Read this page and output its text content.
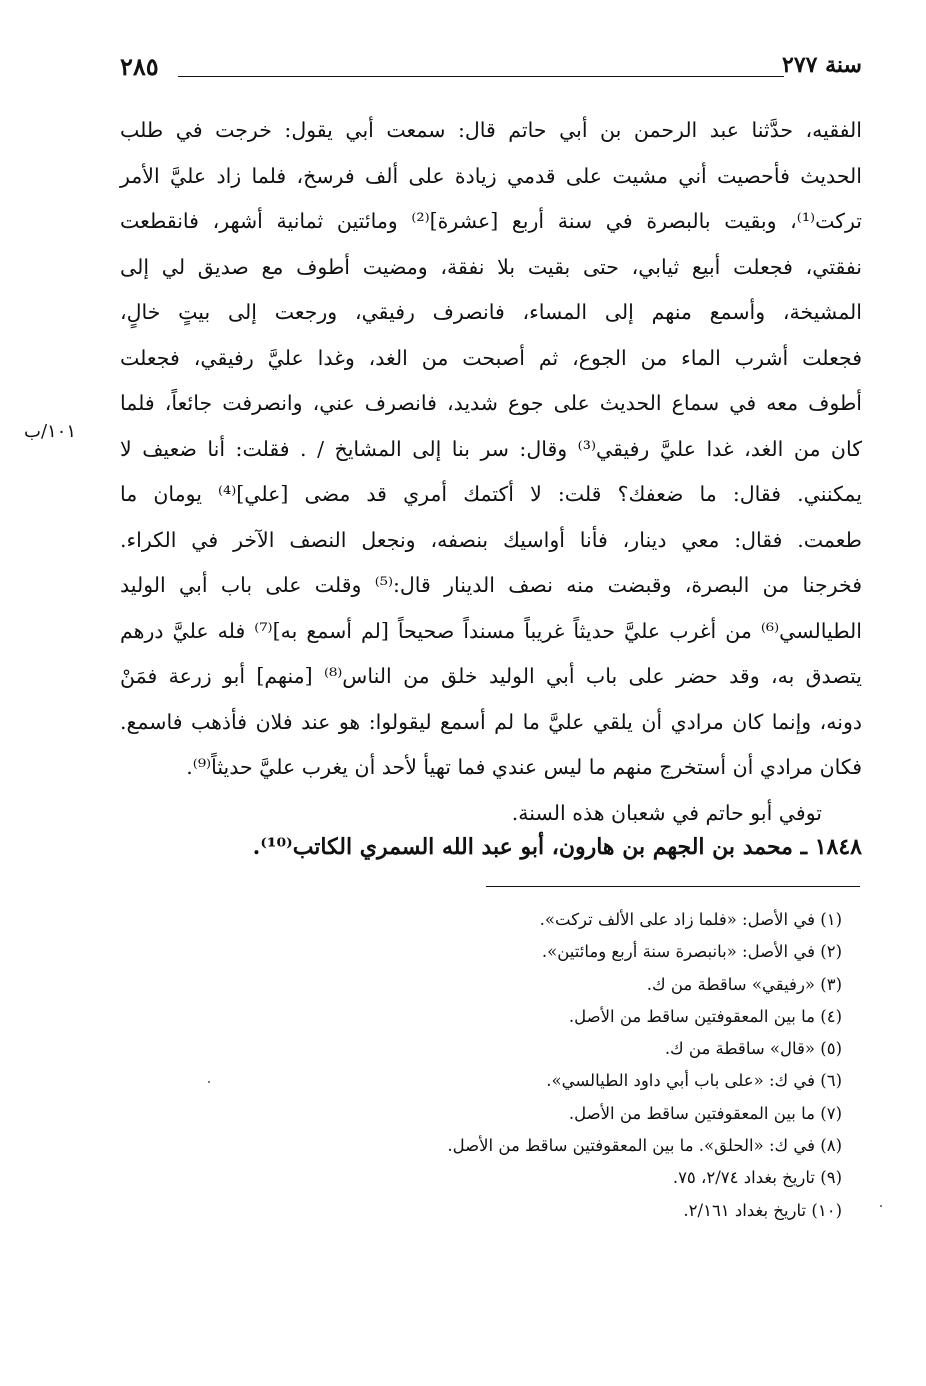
سنة ٢٧٧
٢٨٥
١٠١/ب
الفقيه، حدَّثنا عبد الرحمن بن أبي حاتم قال: سمعت أبي يقول: خرجت في طلب
الحديث فأحصيت أني مشيت على قدمي زيادة على ألف فرسخ، فلما زاد عليَّ الأمر
تركت⁽¹⁾، وبقيت بالبصرة في سنة أربع [عشرة]⁽²⁾ ومائتين ثمانية أشهر، فانقطعت
نفقتي، فجعلت أبيع ثيابي، حتى بقيت بلا نفقة، ومضيت أطوف مع صديق لي إلى
المشيخة، وأسمع منهم إلى المساء، فانصرف رفيقي، ورجعت إلى بيتٍ خالٍ،
فجعلت أشرب الماء من الجوع، ثم أصبحت من الغد، وغدا عليَّ رفيقي، فجعلت
أطوف معه في سماع الحديث على جوع شديد، فانصرف عني، وانصرفت جائعاً، فلما
كان من الغد، غدا عليَّ رفيقي⁽³⁾ وقال: سر بنا إلى المشايخ / . فقلت: أنا ضعيف لا
يمكنني. فقال: ما ضعفك؟ قلت: لا أكتمك أمري قد مضى [علي]⁽⁴⁾ يومان ما
طعمت. فقال: معي دينار، فأنا أواسيك بنصفه، ونجعل النصف الآخر في الكراء.
فخرجنا من البصرة، وقبضت منه نصف الدينار قال:⁽⁵⁾ وقلت على باب أبي الوليد
الطيالسي⁽⁶⁾ من أغرب عليَّ حديثاً غريباً مسنداً صحيحاً [لم أسمع به]⁽⁷⁾ فله عليَّ درهم
يتصدق به، وقد حضر على باب أبي الوليد خلق من الناس⁽⁸⁾ [منهم] أبو زرعة فمَنْ
دونه، وإنما كان مرادي أن يلقي عليَّ ما لم أسمع ليقولوا: هو عند فلان فأذهب فاسمع.
فكان مرادي أن أستخرج منهم ما ليس عندي فما تهيأ لأحد أن يغرب عليَّ حديثاً⁽⁹⁾.
توفي أبو حاتم في شعبان هذه السنة.
١٨٤٨ ـ محمد بن الجهم بن هارون، أبو عبد الله السمري الكاتب⁽¹⁰⁾.
(١) في الأصل: «فلما زاد على الألف تركت».
(٢) في الأصل: «بانبصرة سنة أربع ومائتين».
(٣) «رفيقي» ساقطة من ك.
(٤) ما بين المعقوفتين ساقط من الأصل.
(٥) «قال» ساقطة من ك.
(٦) في ك: «على باب أبي داود الطيالسي».
(٧) ما بين المعقوفتين ساقط من الأصل.
(٨) في ك: «الحلق». ما بين المعقوفتين ساقط من الأصل.
(٩) تاريخ بغداد ٢/٧٤، ٧٥.
(١٠) تاريخ بغداد ٢/١٦١.
